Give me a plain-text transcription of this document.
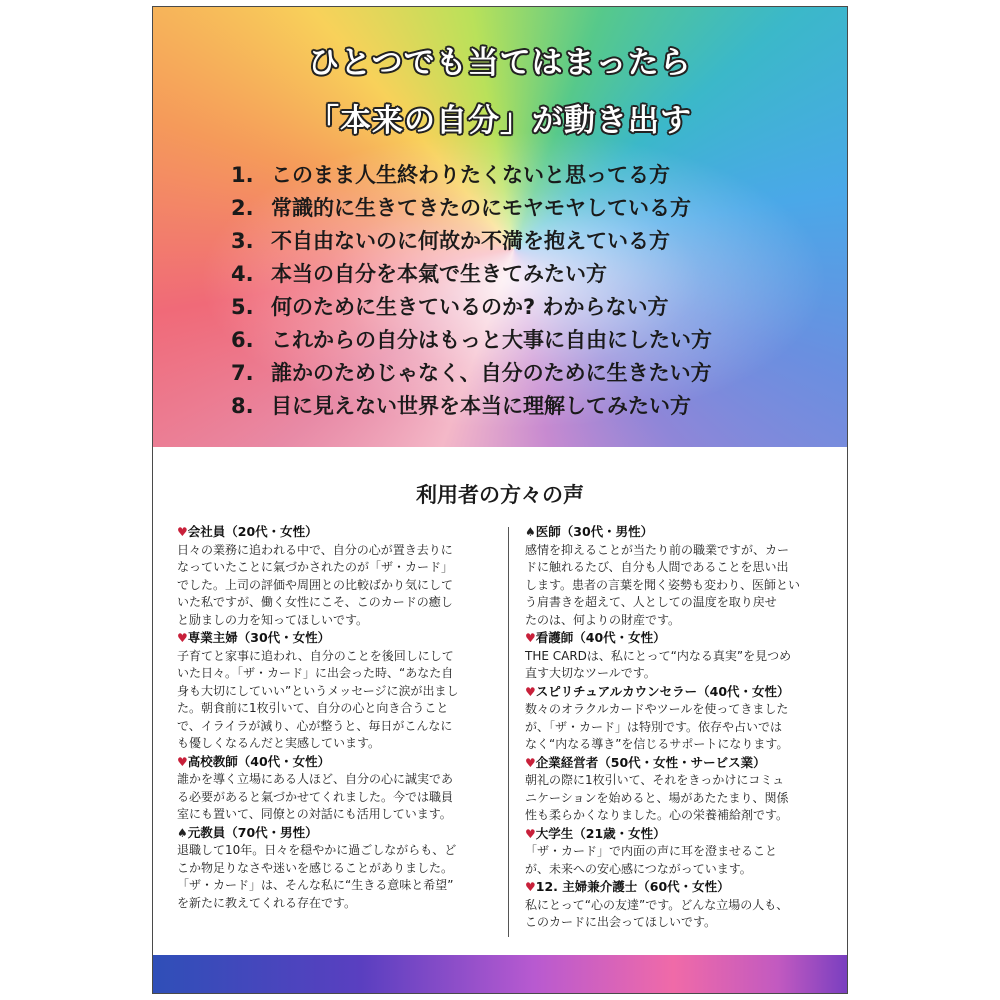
ひとつでも当てはまったら
「本来の自分」が動き出す
1. このまま人生終わりたくないと思ってる方
2. 常識的に生きてきたのにモヤモヤしている方
3. 不自由ないのに何故か不満を抱えている方
4. 本当の自分を本氣で生きてみたい方
5. 何のために生きているのか? わからない方
6. これからの自分はもっと大事に自由にしたい方
7. 誰かのためじゃなく、自分のために生きたい方
8. 目に見えない世界を本当に理解してみたい方
利用者の方々の声
♥会社員（20代・女性）
日々の業務に追われる中で、自分の心が置き去りに
なっていたことに氣づかされたのが「ザ・カード」
でした。上司の評価や周囲との比較ばかり気にして
いた私ですが、働く女性にこそ、このカードの癒し
と励ましの力を知ってほしいです。
♥専業主婦（30代・女性）
子育てと家事に追われ、自分のことを後回しにして
いた日々。「ザ・カード」に出会った時、“あなた自
身も大切にしていい”というメッセージに涙が出まし
た。朝食前に1枚引いて、自分の心と向き合うこと
で、イライラが減り、心が整うと、毎日がこんなに
も優しくなるんだと実感しています。
♥高校教師（40代・女性）
誰かを導く立場にある人ほど、自分の心に誠実であ
る必要があると氣づかせてくれました。今では職員
室にも置いて、同僚との対話にも活用しています。
♠元教員（70代・男性）
退職して10年。日々を穏やかに過ごしながらも、ど
こか物足りなさや迷いを感じることがありました。
「ザ・カード」は、そんな私に“生きる意味と希望”
を新たに教えてくれる存在です。
♠医師（30代・男性）
感情を抑えることが当たり前の職業ですが、カー
ドに触れるたび、自分も人間であることを思い出
します。患者の言葉を聞く姿勢も変わり、医師とい
う肩書きを超えて、人としての温度を取り戻せ
たのは、何よりの財産です。
♥看護師（40代・女性）
THE CARDは、私にとって“内なる真実”を見つめ
直す大切なツールです。
♥スピリチュアルカウンセラー（40代・女性）
数々のオラクルカードやツールを使ってきました
が、「ザ・カード」は特別です。依存や占いでは
なく“内なる導き”を信じるサポートになります。
♥企業経営者（50代・女性・サービス業）
朝礼の際に1枚引いて、それをきっかけにコミュ
ニケーションを始めると、場があたたまり、関係
性も柔らかくなりました。心の栄養補給剤です。
♥大学生（21歳・女性）
「ザ・カード」で内面の声に耳を澄ませること
が、未来への安心感につながっています。
♥12. 主婦兼介護士（60代・女性）
私にとって“心の友達”です。どんな立場の人も、
このカードに出会ってほしいです。
